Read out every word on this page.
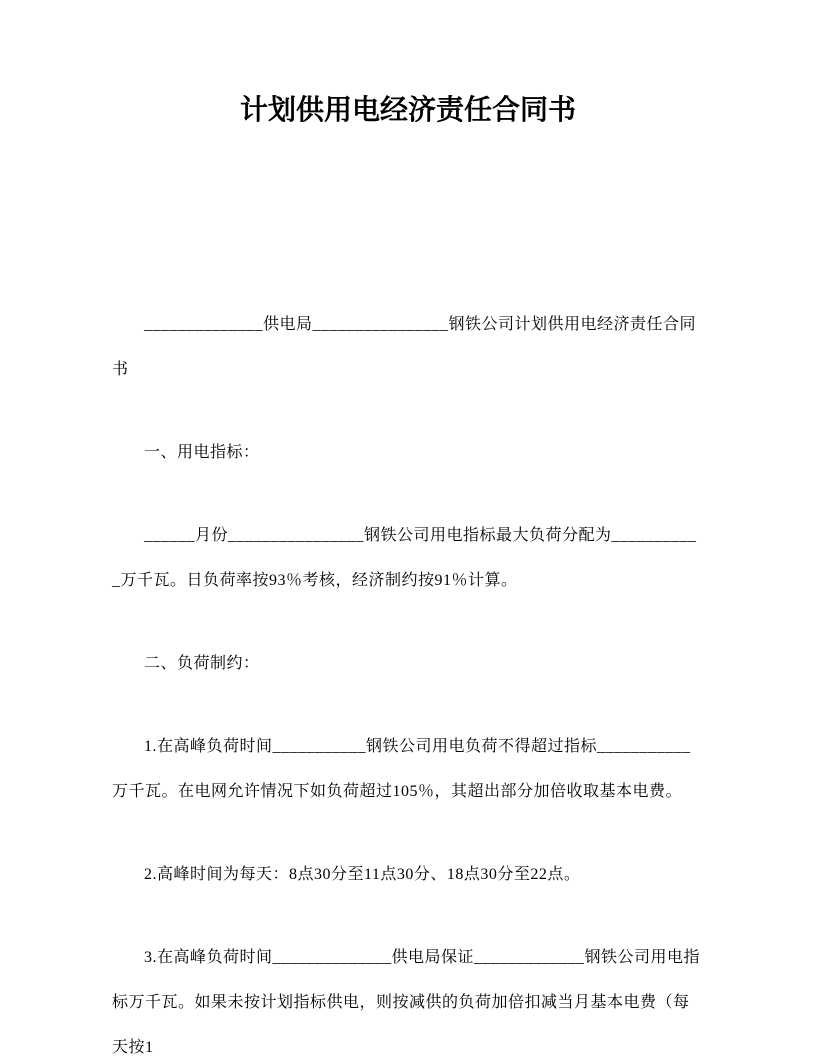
计划供用电经济责任合同书

______________供电局________________钢铁公司计划供用电经济责任合同书

一、用电指标：

______月份________________钢铁公司用电指标最大负荷分配为___________万千瓦。日负荷率按93％考核，经济制约按91％计算。

二、负荷制约：

1.在高峰负荷时间___________钢铁公司用电负荷不得超过指标___________万千瓦。在电网允许情况下如负荷超过105％，其超出部分加倍收取基本电费。

2.高峰时间为每天：8点30分至11点30分、18点30分至22点。

3.在高峰负荷时间______________供电局保证_____________钢铁公司用电指标万千瓦。如果未按计划指标供电，则按减供的负荷加倍扣减当月基本电费（每天按1
